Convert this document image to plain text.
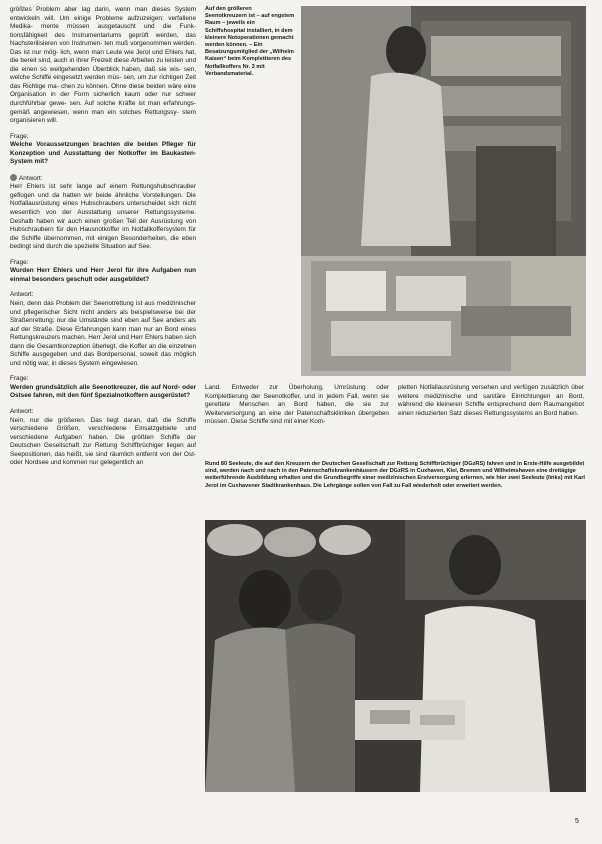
größtes Problem aber lag darin, wenn man dieses System entwickeln will. Um einige Probleme aufzuzeigen: verfallene Medika- mente müssen ausgetauscht und die Funk- tionsfähigkeit des Instrumentariums geprüft werden, das Nachsterilisieren von Instrumen- ten muß vorgenommen werden. Das ist nur mög- lich, wenn man Leute wie Jerol und Ehlers hat, die bereit sind, auch in ihrer Freizeit diese Arbeiten zu leisten und die einen so weitgehenden Überblick haben, daß sie wis- sen, welche Schiffe eingesetzt werden müs- sen, um zur richtigen Zeit das Richtige ma- chen zu können. Ohne diese beiden wäre eine Organisation in der Form sicherlich kaum oder nur schwer durchführbar gewe- sen. Auf solche Kräfte ist man erfahrungs- gemäß angewiesen, wenn man ein solches Rettungssy- stem organisieren will.

Frage:

Welche Voraussetzungen brachten die beiden Pfleger für Konzeption und Ausstattung der Notkoffer im Baukasten-System mit?

Antwort:

Herr Ehlers ist sehr lange auf einem Rettungshubschrauber geflogen und da hatten wir beide ähnliche Vorstellungen. Die Notfallausrüstung eines Hubschraubers unterscheidet sich nicht wesentlich von der Ausstattung unserer Rettungssysteme. Deshalb haben wir auch einen großen Teil der Ausrüstung von Hubschraubern für den Hausnotkoffer im Notfallkoffersystem für die Schiffe übernommen, mit einigen Besonderheiten, die eben bedingt sind durch die spezielle Situation auf See.

Frage:

Wurden Herr Ehlers und Herr Jerol für ihre Aufgaben nun einmal besonders geschult oder ausgebildet?

Antwort:

Nein, denn das Problem der Seenotrettung ist aus medizinischer und pflegerischer Sicht nicht anders als beispielsweise bei der Straßenrettung; nur die Umstände sind eben auf See anders als auf der Straße. Diese Erfahrungen kann man nur an Bord eines Rettungskreuzers machen. Herr Jerol und Herr Ehlers haben sich dann die Gesamtkonzeption überlegt, die Koffer an die einzelnen Schiffe ausgegeben und das Bordpersonal, soweit das möglich und nötig war, in dieses System eingewiesen.

Frage:

Werden grundsätzlich alle Seenotkreuzer, die auf Nord- oder Ostsee fahren, mit den fünf Spezialnotkoffern ausgerüstet?

Antwort:

Nein, nur die größeren. Das liegt daran, daß die Schiffe verschiedene Größen, verschiedene Einsatzgebiete und verschiedene Aufgaben haben. Die größten Schiffe der Deutschen Gesellschaft zur Rettung Schiffbrüchiger liegen auf Seepositionen, das heißt, sie sind räumlich entfernt von der Ost- oder Nordsee und kommen nur gelegentlich an

Auf den größeren Seenotkreuzern ist – auf engstem Raum – jeweils ein Schiffshospital installiert, in dem kleinere Notoperationen gemacht werden können. – Ein Besatzungsmitglied der „Wilhelm Kaisen“ beim Komplettieren des Notfallkoffers Nr. 3 mit Verbandsmaterial.
Land. Entweder zur Überholung, Umrüstung oder Komplettierung der Seenotkoffer, und in jedem Fall, wenn sie gerettete Menschen an Bord haben, die sie zur Weiterversorgung an eine der Patenschaftskliniken übergeben müssen. Diese Schiffe sind mit einer Kom-
pletten Notfallausrüstung versehen und verfügen zusätzlich über weitere medizinische und sanitäre Einrichtungen an Bord, während die kleineren Schiffe entsprechend dem Raumangebot einen reduzierten Satz dieses Rettungssystems an Bord haben.
Rund 80 Seeleute, die auf den Kreuzern der Deutschen Gesellschaft zur Rettung Schiffbrüchiger (DGzRS) fahren und in Erste-Hilfe ausgebildet sind, werden nach und nach in den Patenschaftskrankenhäusern der DGzRS in Cuxhaven, Kiel, Bremen und Wilhelmshaven eine dreitägige weiterführende Ausbildung erhalten und die Grundbegriffe einer medizinischen Erstversorgung erlernen, wie hier zwei Seeleute (links) mit Karl Jerol im Cuxhavener Stadtkrankenhaus. Die Lehrgänge sollen von Fall zu Fall wiederholt oder erweitert werden.
5
